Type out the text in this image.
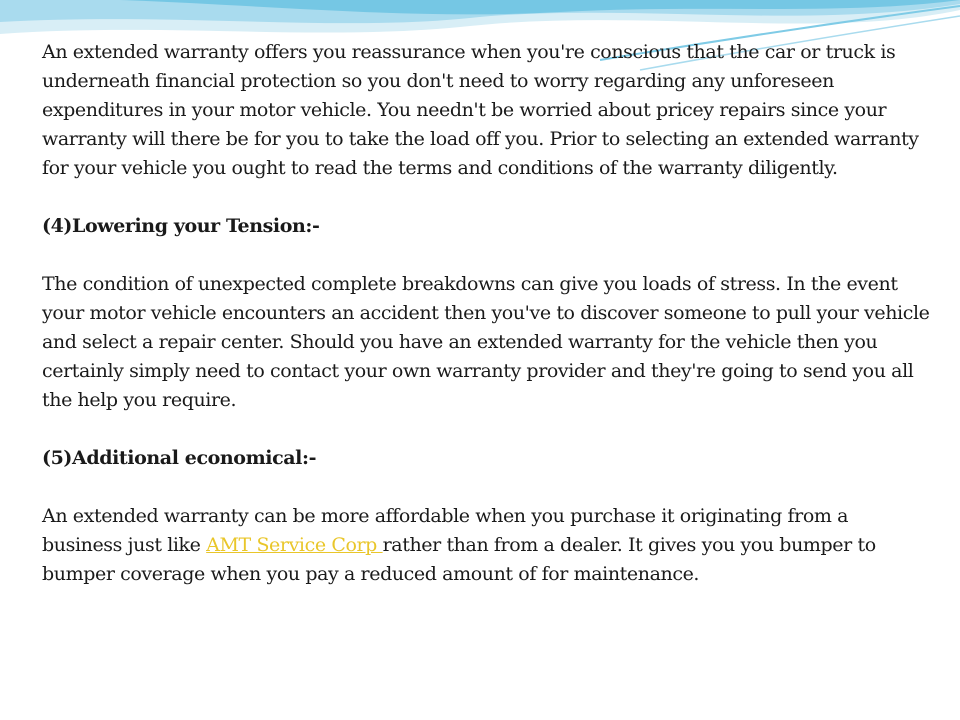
An extended warranty offers you reassurance when you're conscious that the car or truck is underneath financial protection so you don't need to worry regarding any unforeseen expenditures in your motor vehicle. You needn't be worried about pricey repairs since your warranty will there be for you to take the load off you. Prior to selecting an extended warranty for your vehicle you ought to read the terms and conditions of the warranty diligently.

(4)Lowering your Tension:-

The condition of unexpected complete breakdowns can give you loads of stress. In the event your motor vehicle encounters an accident then you've to discover someone to pull your vehicle and select a repair center. Should you have an extended warranty for the vehicle then you certainly simply need to contact your own warranty provider and they're going to send you all the help you require.

(5)Additional economical:-

An extended warranty can be more affordable when you purchase it originating from a business just like AMT Service Corp rather than from a dealer. It gives you you bumper to bumper coverage when you pay a reduced amount of for maintenance.
